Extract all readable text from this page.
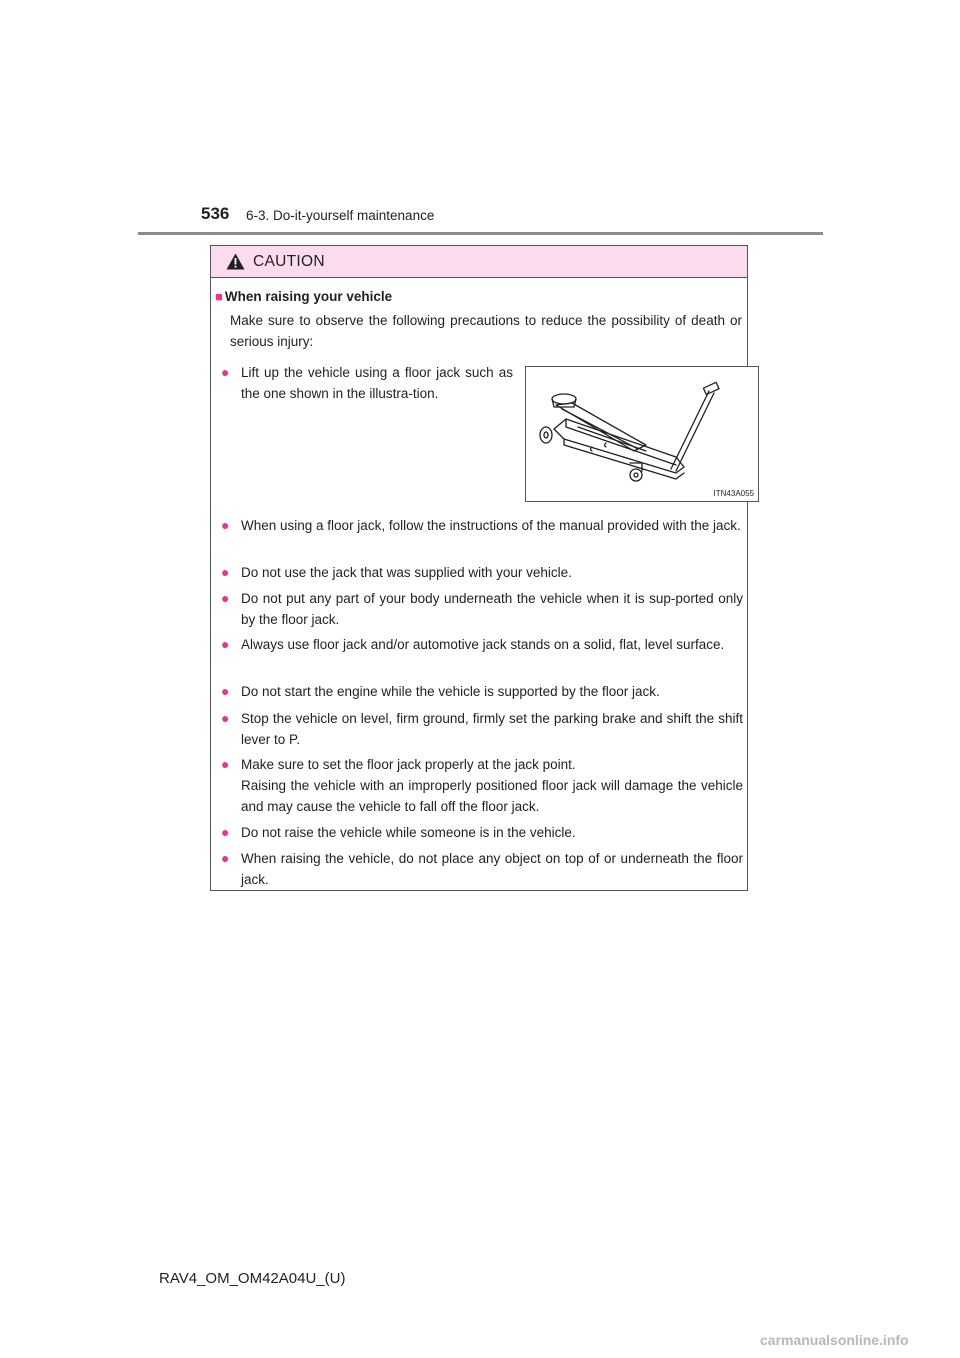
536 6-3. Do-it-yourself maintenance
CAUTION
■ When raising your vehicle
Make sure to observe the following precautions to reduce the possibility of death or serious injury:
● Lift up the vehicle using a floor jack such as the one shown in the illustra-tion.
ITN43A055
● When using a floor jack, follow the instructions of the manual provided with the jack.
● Do not use the jack that was supplied with your vehicle.
● Do not put any part of your body underneath the vehicle when it is sup-ported only by the floor jack.
● Always use floor jack and/or automotive jack stands on a solid, flat, level surface.
● Do not start the engine while the vehicle is supported by the floor jack.
● Stop the vehicle on level, firm ground, firmly set the parking brake and shift the shift lever to P.
● Make sure to set the floor jack properly at the jack point.
Raising the vehicle with an improperly positioned floor jack will damage the vehicle and may cause the vehicle to fall off the floor jack.
● Do not raise the vehicle while someone is in the vehicle.
● When raising the vehicle, do not place any object on top of or underneath the floor jack.
RAV4_OM_OM42A04U_(U)
carmanualsonline.info
